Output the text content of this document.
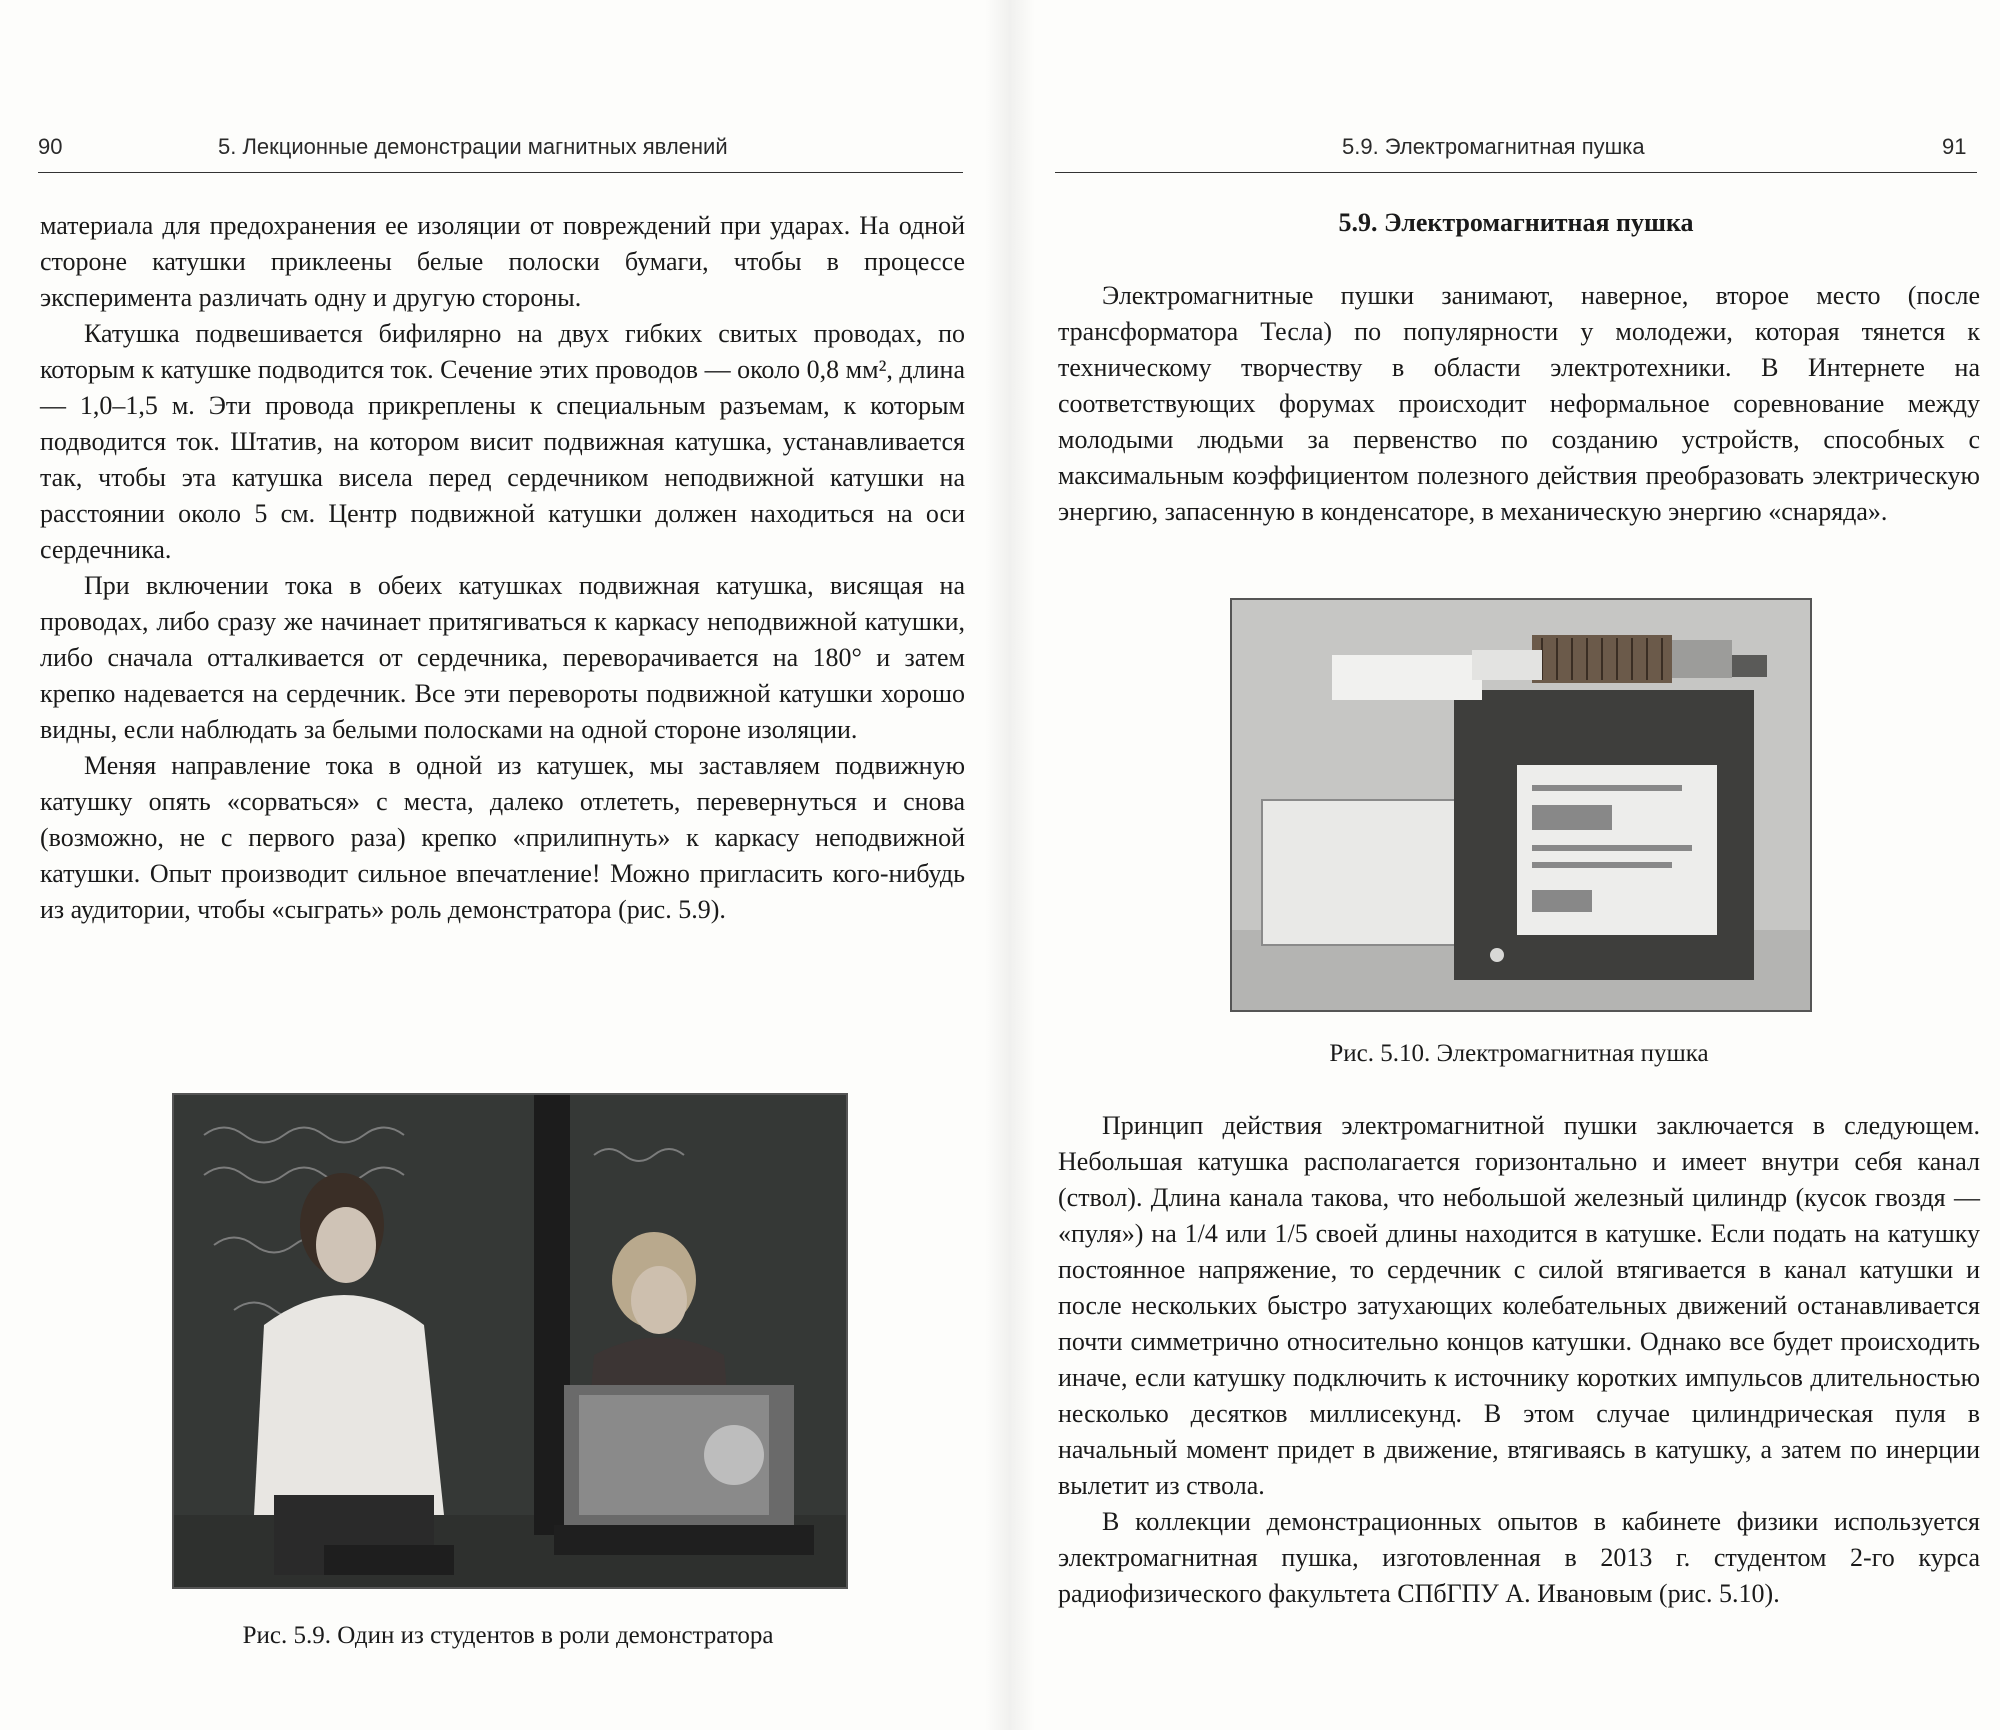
90	5. Лекционные демонстрации магнитных явлений

материала для предохранения ее изоляции от повреждений при ударах. На одной стороне катушки приклеены белые полоски бумаги, чтобы в процессе эксперимента различать одну и другую стороны.

Катушка подвешивается бифилярно на двух гибких свитых проводах, по которым к катушке подводится ток. Сечение этих проводов — около 0,8 мм², длина — 1,0–1,5 м. Эти провода прикреплены к специальным разъемам, к которым подводится ток. Штатив, на котором висит подвижная катушка, устанавливается так, чтобы эта катушка висела перед сердечником неподвижной катушки на расстоянии около 5 см. Центр подвижной катушки должен находиться на оси сердечника.

При включении тока в обеих катушках подвижная катушка, висящая на проводах, либо сразу же начинает притягиваться к каркасу неподвижной катушки, либо сначала отталкивается от сердечника, переворачивается на 180° и затем крепко надевается на сердечник. Все эти перевороты подвижной катушки хорошо видны, если наблюдать за белыми полосками на одной стороне изоляции.

Меняя направление тока в одной из катушек, мы заставляем подвижную катушку опять «сорваться» с места, далеко отлететь, перевернуться и снова (возможно, не с первого раза) крепко «прилипнуть» к каркасу неподвижной катушки. Опыт производит сильное впечатление! Можно пригласить кого-нибудь из аудитории, чтобы «сыграть» роль демонстратора (рис. 5.9).

Рис. 5.9. Один из студентов в роли демонстратора
5.9. Электромагнитная пушка	91
5.9. Электромагнитная пушка

Электромагнитные пушки занимают, наверное, второе место (после трансформатора Тесла) по популярности у молодежи, которая тянется к техническому творчеству в области электротехники. В Интернете на соответствующих форумах происходит неформальное соревнование между молодыми людьми за первенство по созданию устройств, способных с максимальным коэффициентом полезного действия преобразовать электрическую энергию, запасенную в конденсаторе, в механическую энергию «снаряда».

Рис. 5.10. Электромагнитная пушка

Принцип действия электромагнитной пушки заключается в следующем. Небольшая катушка располагается горизонтально и имеет внутри себя канал (ствол). Длина канала такова, что небольшой железный цилиндр (кусок гвоздя — «пуля») на 1/4 или 1/5 своей длины находится в катушке. Если подать на катушку постоянное напряжение, то сердечник с силой втягивается в канал катушки и после нескольких быстро затухающих колебательных движений останавливается почти симметрично относительно концов катушки. Однако все будет происходить иначе, если катушку подключить к источнику коротких импульсов длительностью несколько десятков миллисекунд. В этом случае цилиндрическая пуля в начальный момент придет в движение, втягиваясь в катушку, а затем по инерции вылетит из ствола.

В коллекции демонстрационных опытов в кабинете физики используется электромагнитная пушка, изготовленная в 2013 г. студентом 2-го курса радиофизического факультета СПбГПУ А. Ивановым (рис. 5.10).
